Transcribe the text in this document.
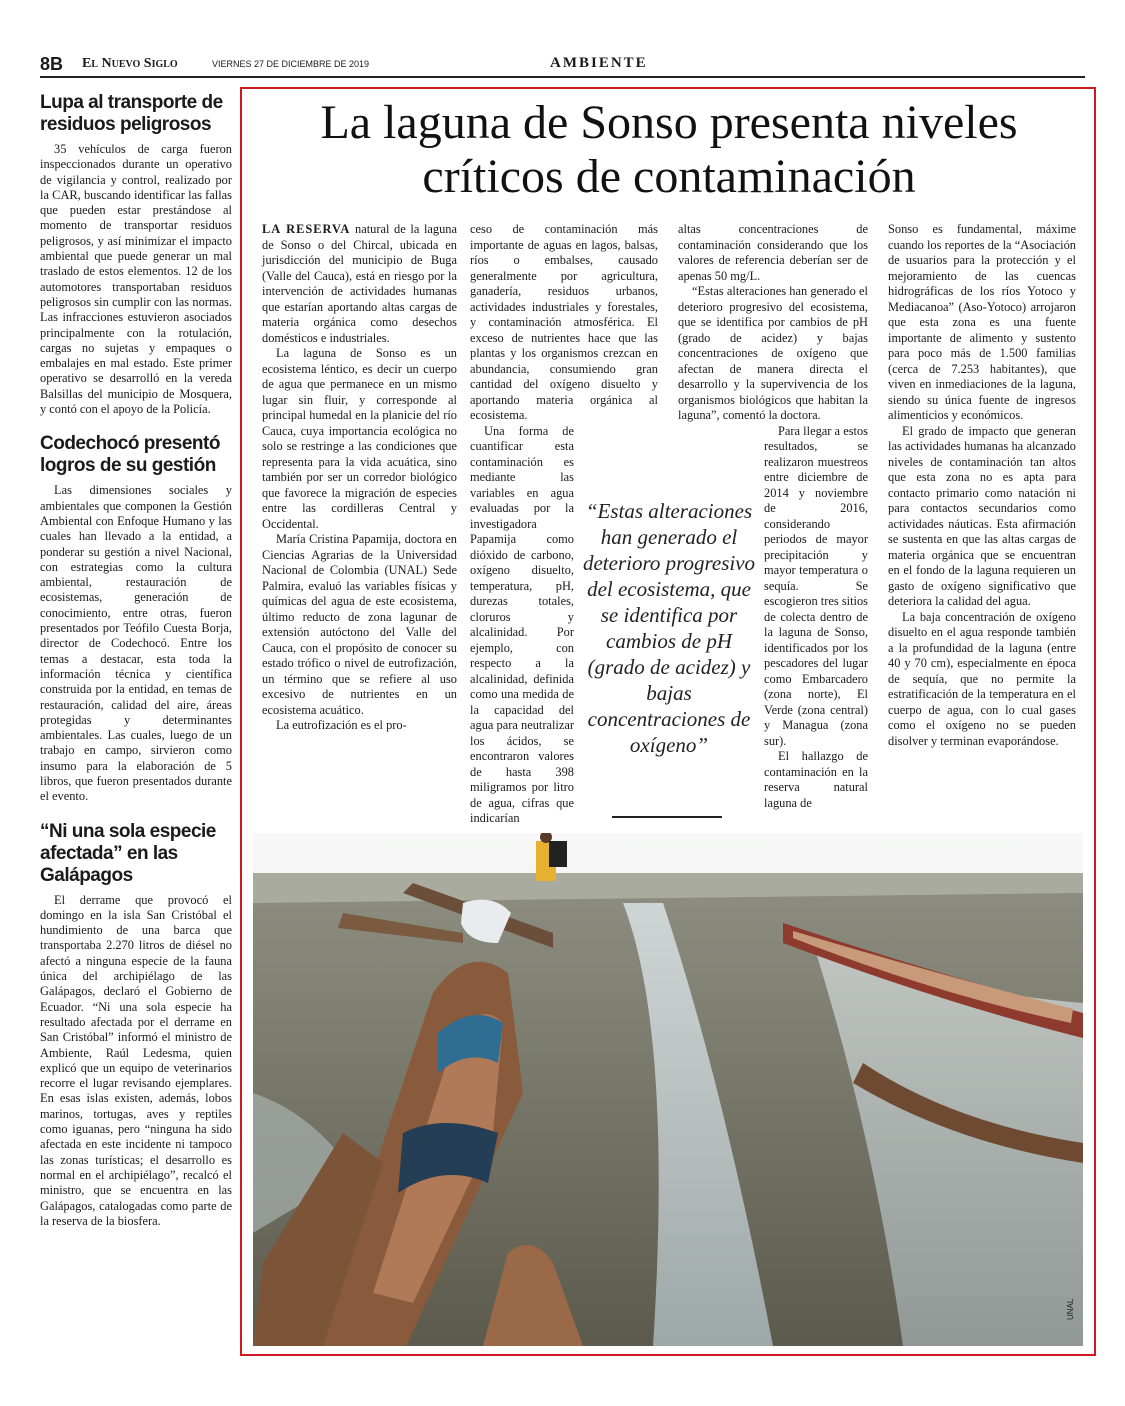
8B El Nuevo Siglo	VIERNES 27 DE DICIEMBRE DE 2019	AMBIENTE
Lupa al transporte de residuos peligrosos

35 vehículos de carga fueron inspeccionados durante un operativo de vigilancia y control, realizado por la CAR, buscando identificar las fallas que pueden estar prestándose al momento de transportar residuos peligrosos, y así minimizar el impacto ambiental que puede generar un mal traslado de estos elementos. 12 de los automotores transportaban residuos peligrosos sin cumplir con las normas. Las infracciones estuvieron asociados principalmente con la rotulación, cargas no sujetas y empaques o embalajes en mal estado. Este primer operativo se desarrolló en la vereda Balsillas del municipio de Mosquera, y contó con el apoyo de la Policía.

Codechocó presentó logros de su gestión

Las dimensiones sociales y ambientales que componen la Gestión Ambiental con Enfoque Humano y las cuales han llevado a la entidad, a ponderar su gestión a nivel Nacional, con estrategias como la cultura ambiental, restauración de ecosistemas, generación de conocimiento, entre otras, fueron presentados por Teófilo Cuesta Borja, director de Codechocó. Entre los temas a destacar, esta toda la información técnica y científica construida por la entidad, en temas de restauración, calidad del aire, áreas protegidas y determinantes ambientales. Las cuales, luego de un trabajo en campo, sirvieron como insumo para la elaboración de 5 libros, que fueron presentados durante el evento.

“Ni una sola especie afectada” en las Galápagos

El derrame que provocó el domingo en la isla San Cristóbal el hundimiento de una barca que transportaba 2.270 litros de diésel no afectó a ninguna especie de la fauna única del archipiélago de las Galápagos, declaró el Gobierno de Ecuador. “Ni una sola especie ha resultado afectada por el derrame en San Cristóbal” informó el ministro de Ambiente, Raúl Ledesma, quien explicó que un equipo de veterinarios recorre el lugar revisando ejemplares. En esas islas existen, además, lobos marinos, tortugas, aves y reptiles como iguanas, pero “ninguna ha sido afectada en este incidente ni tampoco las zonas turísticas; el desarrollo es normal en el archipiélago”, recalcó el ministro, que se encuentra en las Galápagos, catalogadas como parte de la reserva de la biosfera.

La laguna de Sonso presenta niveles críticos de contaminación

LA RESERVA natural de la laguna de Sonso o del Chircal, ubicada en jurisdicción del municipio de Buga (Valle del Cauca), está en riesgo por la intervención de actividades humanas que estarían aportando altas cargas de materia orgánica como desechos domésticos e industriales.

La laguna de Sonso es un ecosistema léntico, es decir un cuerpo de agua que permanece en un mismo lugar sin fluir, y corresponde al principal humedal en la planicie del río Cauca, cuya importancia ecológica no solo se restringe a las condiciones que representa para la vida acuática, sino también por ser un corredor biológico que favorece la migración de especies entre las cordilleras Central y Occidental.

María Cristina Papamija, doctora en Ciencias Agrarias de la Universidad Nacional de Colombia (UNAL) Sede Palmira, evaluó las variables físicas y químicas del agua de este ecosistema, último reducto de zona lagunar de extensión autóctono del Valle del Cauca, con el propósito de conocer su estado trófico o nivel de eutrofización, un término que se refiere al uso excesivo de nutrientes en un ecosistema acuático.

La eutrofización es el pro-

ceso de contaminación más importante de aguas en lagos, balsas, ríos o embalses, causado generalmente por agricultura, ganadería, residuos urbanos, actividades industriales y forestales, y contaminación atmosférica. El exceso de nutrientes hace que las plantas y los organismos crezcan en abundancia, consumiendo gran cantidad del oxígeno disuelto y aportando materia orgánica al ecosistema.

Una forma de cuantificar esta contaminación es mediante las variables en agua evaluadas por la investigadora Papamija como dióxido de carbono, oxígeno disuelto, temperatura, pH, durezas totales, cloruros y alcalinidad. Por ejemplo, con respecto a la alcalinidad, definida como una medida de la capacidad del agua para neutralizar los ácidos, se encontraron valores de hasta 398 miligramos por litro de agua, cifras que indicarían

altas concentraciones de contaminación considerando que los valores de referencia deberían ser de apenas 50 mg/L.

“Estas alteraciones han generado el deterioro progresivo del ecosistema, que se identifica por cambios de pH (grado de acidez) y bajas concentraciones de oxígeno que afectan de manera directa el desarrollo y la supervivencia de los organismos biológicos que habitan la laguna”, comentó la doctora.

Para llegar a estos resultados, se realizaron muestreos entre diciembre de 2014 y noviembre de 2016, considerando periodos de mayor precipitación y mayor temperatura o sequía. Se escogieron tres sitios de colecta dentro de la laguna de Sonso, identificados por los pescadores del lugar como Embarcadero (zona norte), El Verde (zona central) y Managua (zona sur).

El hallazgo de contaminación en la reserva natural laguna de

Sonso es fundamental, máxime cuando los reportes de la “Asociación de usuarios para la protección y el mejoramiento de las cuencas hidrográficas de los ríos Yotoco y Mediacanoa” (Aso-Yotoco) arrojaron que esta zona es una fuente importante de alimento y sustento para poco más de 1.500 familias (cerca de 7.253 habitantes), que viven en inmediaciones de la laguna, siendo su única fuente de ingresos alimenticios y económicos.

El grado de impacto que generan las actividades humanas ha alcanzado niveles de contaminación tan altos que esta zona no es apta para contacto primario como natación ni para contactos secundarios como actividades náuticas. Esta afirmación se sustenta en que las altas cargas de materia orgánica que se encuentran en el fondo de la laguna requieren un gasto de oxígeno significativo que deteriora la calidad del agua.

La baja concentración de oxígeno disuelto en el agua responde también a la profundidad de la laguna (entre 40 y 70 cm), especialmente en época de sequía, que no permite la estratificación de la temperatura en el cuerpo de agua, con lo cual gases como el oxígeno no se pueden disolver y terminan evaporándose.

“Estas alteraciones han generado el deterioro progresivo del ecosistema, que se identifica por cambios de pH (grado de acidez) y bajas concentraciones de oxígeno”
UNAL
